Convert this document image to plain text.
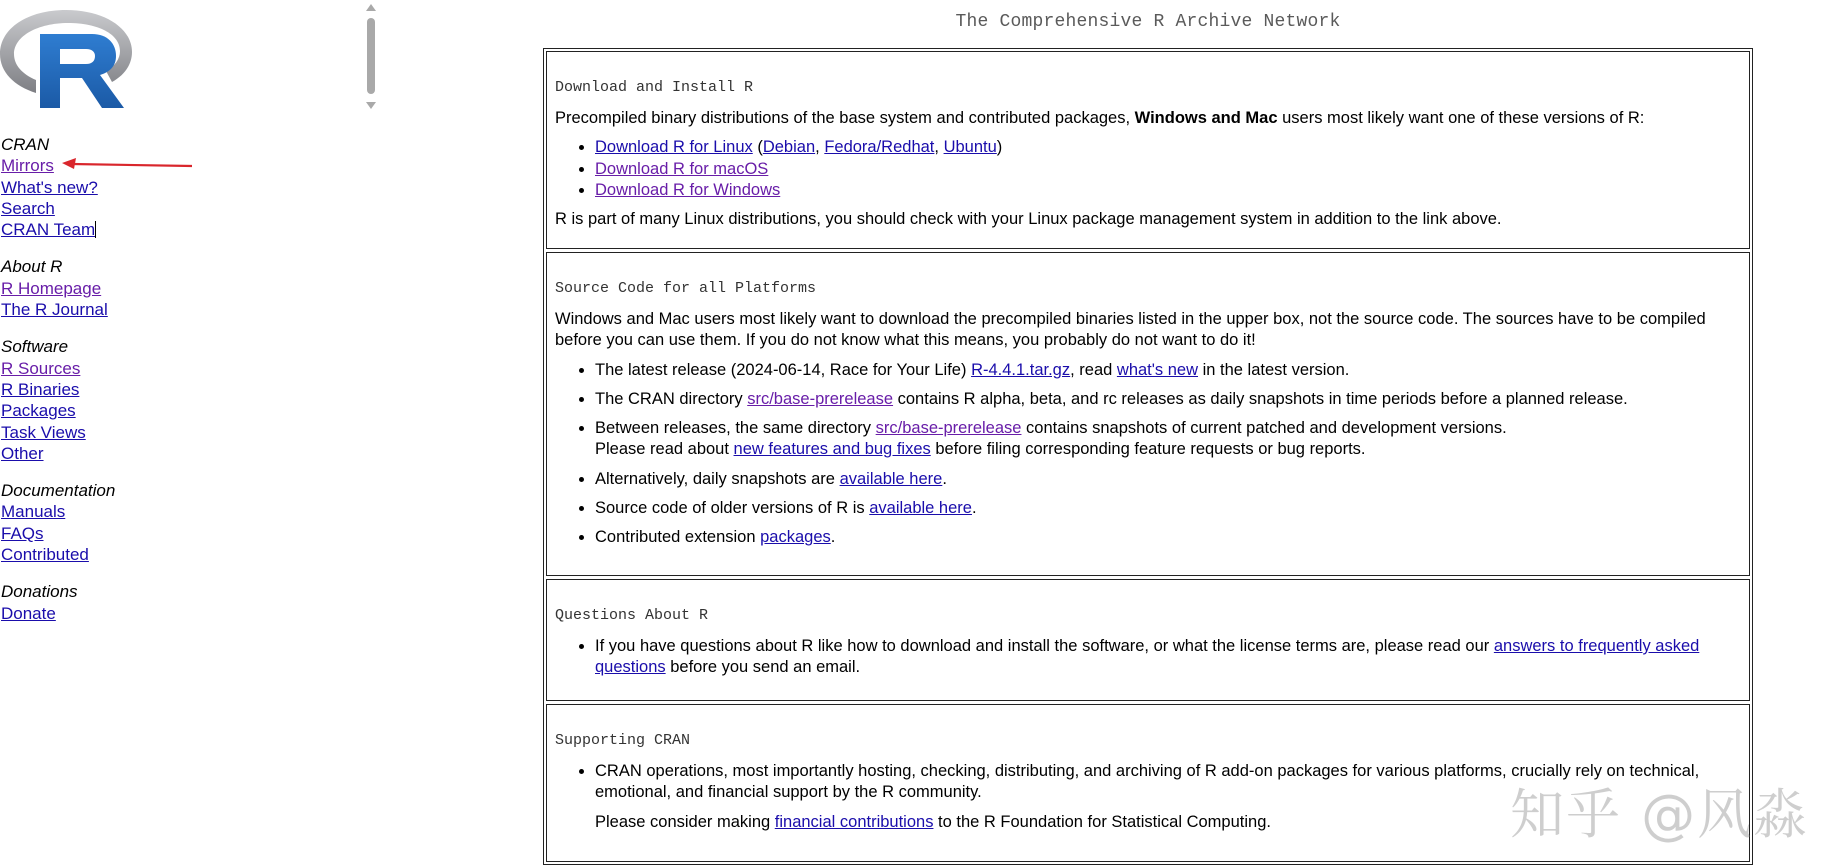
CRAN
Mirrors
What's new?
Search
CRAN Team
About R
R Homepage
The R Journal
Software
R Sources
R Binaries
Packages
Task Views
Other
Documentation
Manuals
FAQs
Contributed
Donations
Donate
The Comprehensive R Archive Network
Download and Install R

Precompiled binary distributions of the base system and contributed packages, Windows and Mac users most likely want one of these versions of R:

• Download R for Linux (Debian, Fedora/Redhat, Ubuntu)
• Download R for macOS
• Download R for Windows

R is part of many Linux distributions, you should check with your Linux package management system in addition to the link above.

Source Code for all Platforms

Windows and Mac users most likely want to download the precompiled binaries listed in the upper box, not the source code. The sources have to be compiled before you can use them. If you do not know what this means, you probably do not want to do it!

• The latest release (2024-06-14, Race for Your Life) R-4.4.1.tar.gz, read what's new in the latest version.
• The CRAN directory src/base-prerelease contains R alpha, beta, and rc releases as daily snapshots in time periods before a planned release.
• Between releases, the same directory src/base-prerelease contains snapshots of current patched and development versions.
Please read about new features and bug fixes before filing corresponding feature requests or bug reports.
• Alternatively, daily snapshots are available here.
• Source code of older versions of R is available here.
• Contributed extension packages.
Questions About R
• If you have questions about R like how to download and install the software, or what the license terms are, please read our answers to frequently asked questions before you send an email.
Supporting CRAN
• CRAN operations, most importantly hosting, checking, distributing, and archiving of R add-on packages for various platforms, crucially rely on technical, emotional, and financial support by the R community.
Please consider making financial contributions to the R Foundation for Statistical Computing.	知乎 @风淼
